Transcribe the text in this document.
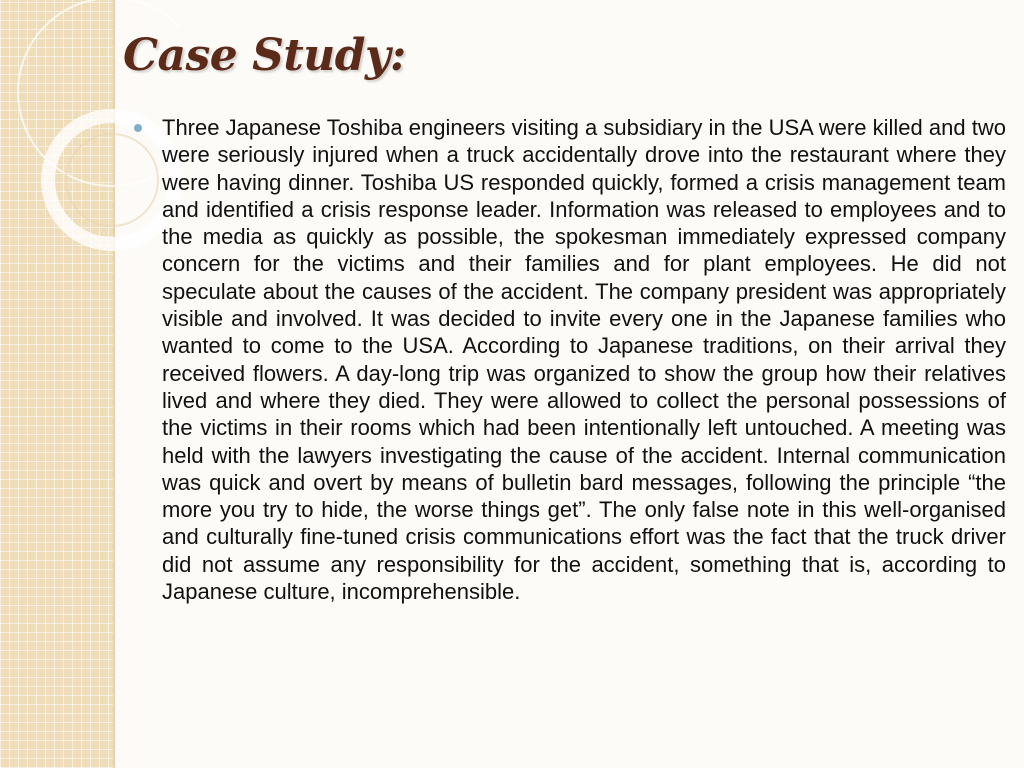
Case Study:

Three Japanese Toshiba engineers visiting a subsidiary in the USA were killed and two were seriously injured when a truck accidentally drove into the restaurant where they were having dinner. Toshiba US responded quickly, formed a crisis management team and identified a crisis response leader. Information was released to employees and to the media as quickly as possible, the spokesman immediately expressed company concern for the victims and their families and for plant employees. He did not speculate about the causes of the accident. The company president was appropriately visible and involved. It was decided to invite every one in the Japanese families who wanted to come to the USA. According to Japanese traditions, on their arrival they received flowers. A day-long trip was organized to show the group how their relatives lived and where they died. They were allowed to collect the personal possessions of the victims in their rooms which had been intentionally left untouched. A meeting was held with the lawyers investigating the cause of the accident. Internal communication was quick and overt by means of bulletin bard messages, following the principle “the more you try to hide, the worse things get”. The only false note in this well-organised and culturally fine-tuned crisis communications effort was the fact that the truck driver did not assume any responsibility for the accident, something that is, according to Japanese culture, incomprehensible.
